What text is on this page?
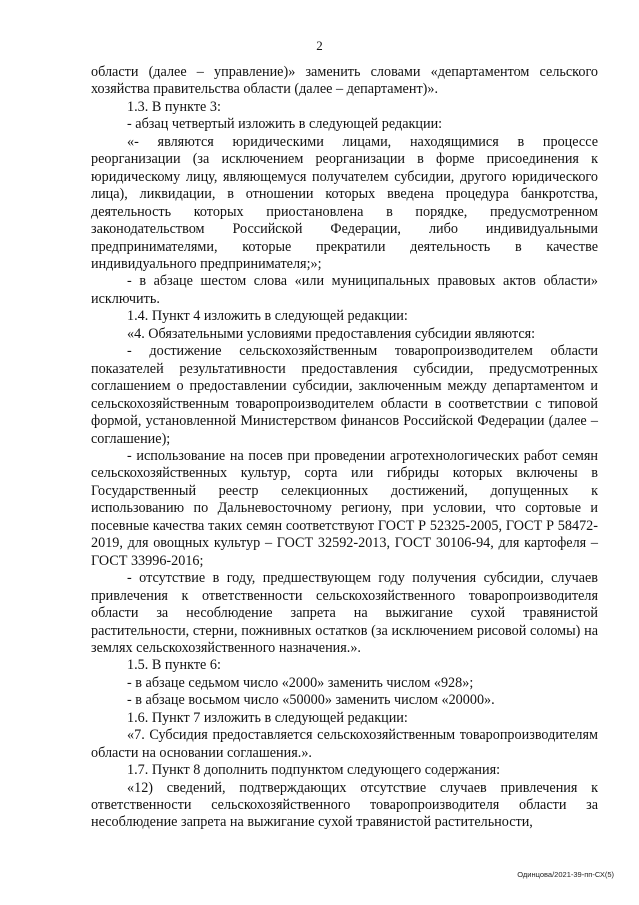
2

области (далее – управление)» заменить словами «департаментом сельского хозяйства правительства области (далее – департамент)».

1.3. В пункте 3:

- абзац четвертый изложить в следующей редакции:

«- являются юридическими лицами, находящимися в процессе реорганизации (за исключением реорганизации в форме присоединения к юридическому лицу, являющемуся получателем субсидии, другого юридического лица), ликвидации, в отношении которых введена процедура банкротства, деятельность которых приостановлена в порядке, предусмотренном законодательством Российской Федерации, либо индивидуальными предпринимателями, которые прекратили деятельность в качестве индивидуального предпринимателя;»;

- в абзаце шестом слова «или муниципальных правовых актов области» исключить.

1.4. Пункт 4 изложить в следующей редакции:

«4. Обязательными условиями предоставления субсидии являются:

- достижение сельскохозяйственным товаропроизводителем области показателей результативности предоставления субсидии, предусмотренных соглашением о предоставлении субсидии, заключенным между департаментом и сельскохозяйственным товаропроизводителем области в соответствии с типовой формой, установленной Министерством финансов Российской Федерации (далее – соглашение);

- использование на посев при проведении агротехнологических работ семян сельскохозяйственных культур, сорта или гибриды которых включены в Государственный реестр селекционных достижений, допущенных к использованию по Дальневосточному региону, при условии, что сортовые и посевные качества таких семян соответствуют ГОСТ Р 52325-2005, ГОСТ Р 58472-2019, для овощных культур – ГОСТ 32592-2013, ГОСТ 30106-94, для картофеля – ГОСТ 33996-2016;

- отсутствие в году, предшествующем году получения субсидии, случаев привлечения к ответственности сельскохозяйственного товаропроизводителя области за несоблюдение запрета на выжигание сухой травянистой растительности, стерни, пожнивных остатков (за исключением рисовой соломы) на землях сельскохозяйственного назначения.».

1.5. В пункте 6:

- в абзаце седьмом число «2000» заменить числом «928»;

- в абзаце восьмом число «50000» заменить числом «20000».

1.6. Пункт 7 изложить в следующей редакции:

«7. Субсидия предоставляется сельскохозяйственным товаропроизводителям области на основании соглашения.».

1.7. Пункт 8 дополнить подпунктом следующего содержания:

«12) сведений, подтверждающих отсутствие случаев привлечения к ответственности сельскохозяйственного товаропроизводителя области за несоблюдение запрета на выжигание сухой травянистой растительности,

Одинцова/2021-39-пп-СХ(5)
